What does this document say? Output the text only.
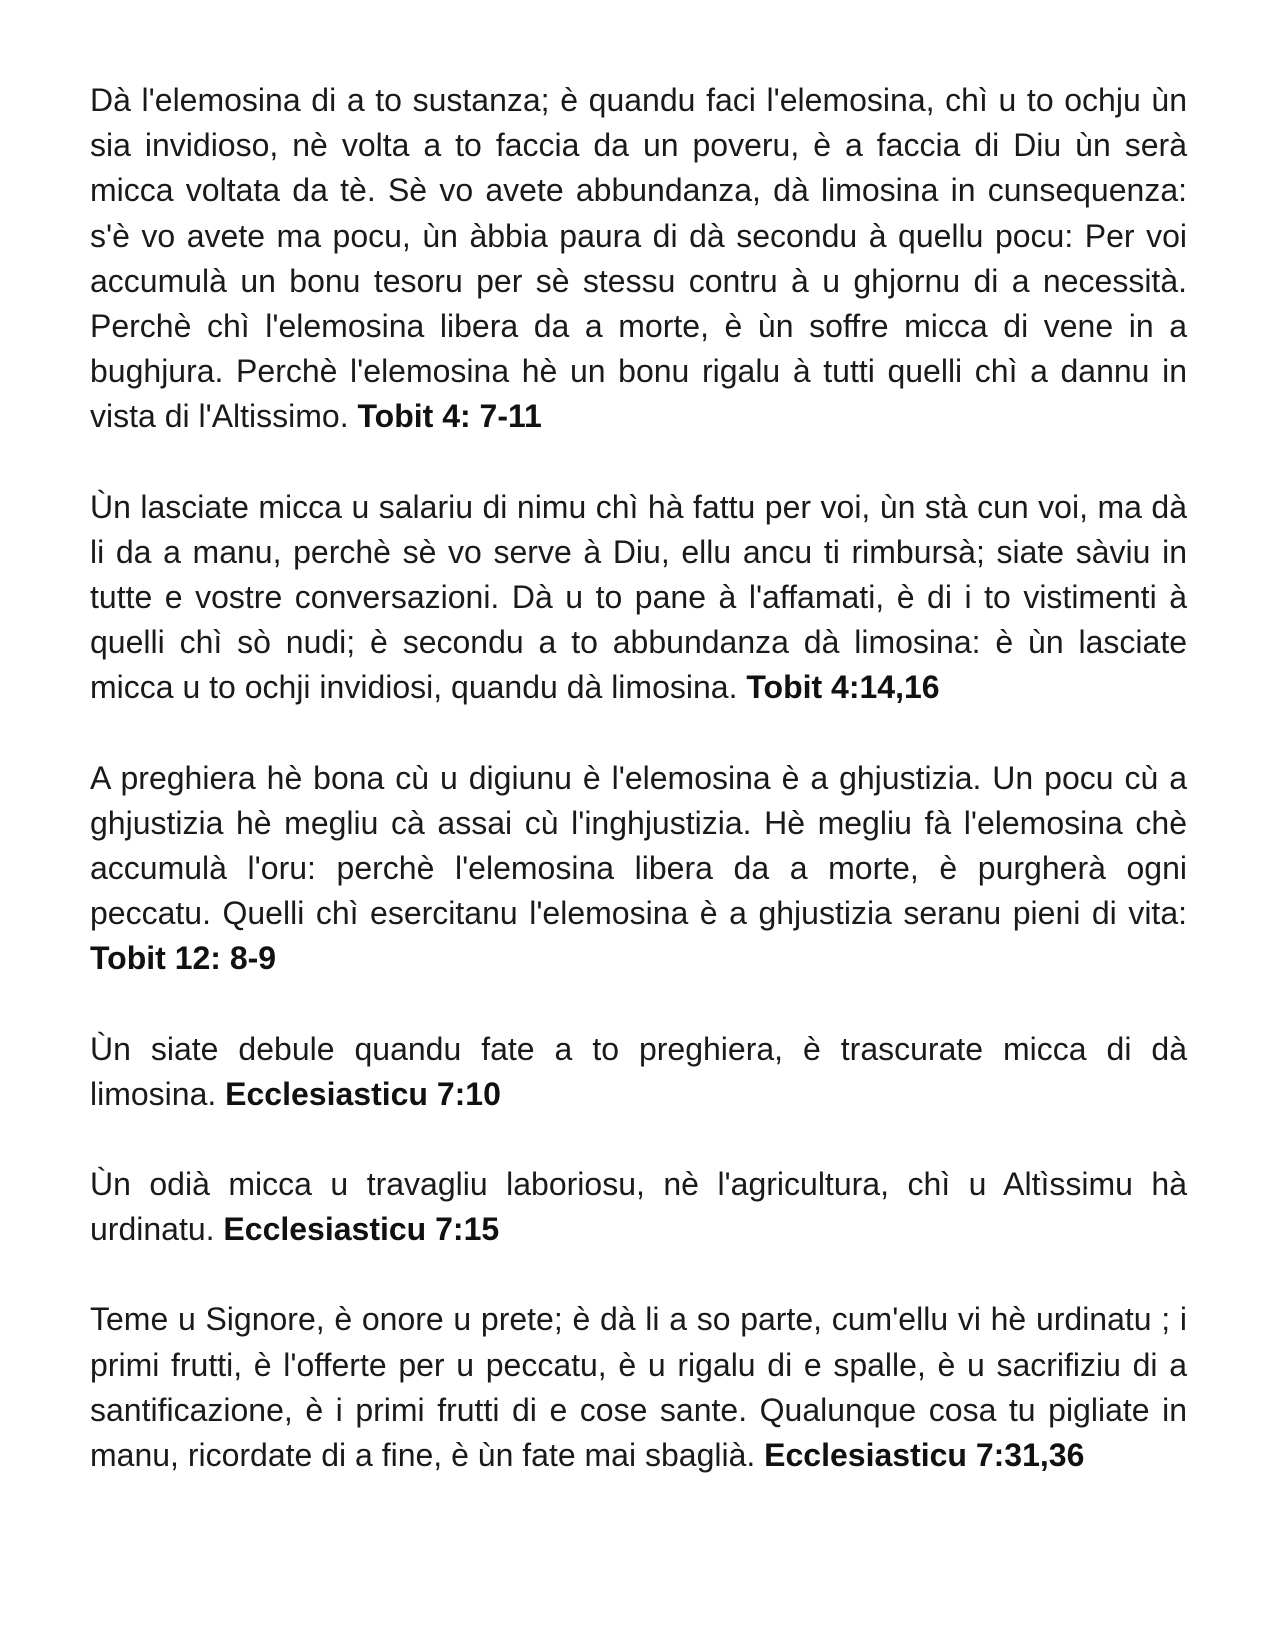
Dà l'elemosina di a to sustanza; è quandu faci l'elemosina, chì u to ochju ùn sia invidioso, nè volta a to faccia da un poveru, è a faccia di Diu ùn serà micca voltata da tè. Sè vo avete abbundanza, dà limosina in cunsequenza: s'è vo avete ma pocu, ùn àbbia paura di dà secondu à quellu pocu: Per voi accumulà un bonu tesoru per sè stessu contru à u ghjornu di a necessità. Perchè chì l'elemosina libera da a morte, è ùn soffre micca di vene in a bughjura. Perchè l'elemosina hè un bonu rigalu à tutti quelli chì a dannu in vista di l'Altissimo. Tobit 4: 7-11

Ùn lasciate micca u salariu di nimu chì hà fattu per voi, ùn stà cun voi, ma dà li da a manu, perchè sè vo serve à Diu, ellu ancu ti rimbursà; siate sàviu in tutte e vostre conversazioni. Dà u to pane à l'affamati, è di i to vistimenti à quelli chì sò nudi; è secondu a to abbundanza dà limosina: è ùn lasciate micca u to ochji invidiosi, quandu dà limosina. Tobit 4:14,16

A preghiera hè bona cù u digiunu è l'elemosina è a ghjustizia. Un pocu cù a ghjustizia hè megliu cà assai cù l'inghjustizia. Hè megliu fà l'elemosina chè accumulà l'oru: perchè l'elemosina libera da a morte, è purgherà ogni peccatu. Quelli chì esercitanu l'elemosina è a ghjustizia seranu pieni di vita: Tobit 12: 8-9

Ùn siate debule quandu fate a to preghiera, è trascurate micca di dà limosina. Ecclesiasticu 7:10

Ùn odià micca u travagliu laboriosu, nè l'agricultura, chì u Altìssimu hà urdinatu. Ecclesiasticu 7:15

Teme u Signore, è onore u prete; è dà li a so parte, cum'ellu vi hè urdinatu ; i primi frutti, è l'offerte per u peccatu, è u rigalu di e spalle, è u sacrifiziu di a santificazione, è i primi frutti di e cose sante. Qualunque cosa tu pigliate in manu, ricordate di a fine, è ùn fate mai sbaglià. Ecclesiasticu 7:31,36
